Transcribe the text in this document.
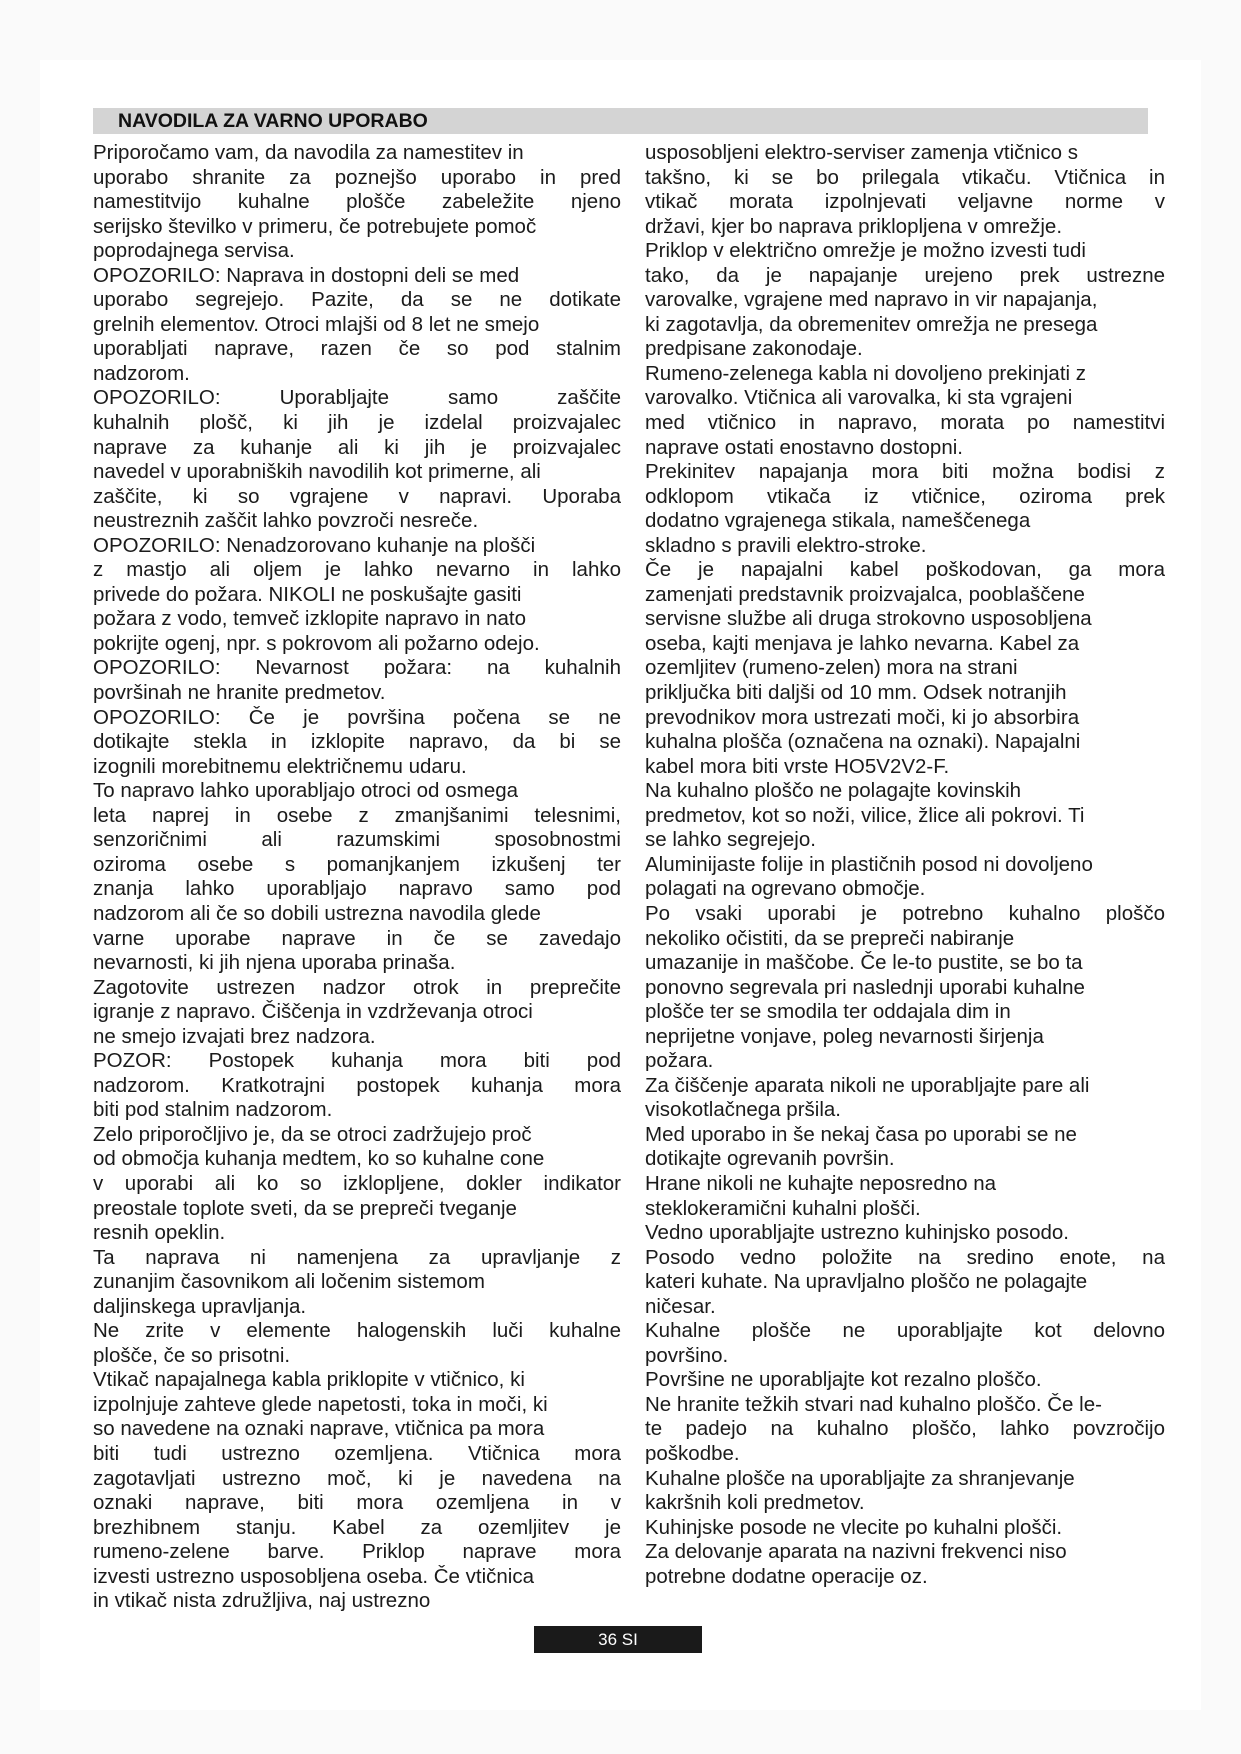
NAVODILA ZA VARNO UPORABO
Priporočamo vam, da navodila za namestitev in
uporabo shranite za poznejšo uporabo in pred
namestitvijo kuhalne plošče zabeležite njeno
serijsko številko v primeru, če potrebujete pomoč
poprodajnega servisa.
OPOZORILO: Naprava in dostopni deli se med
uporabo segrejejo. Pazite, da se ne dotikate
grelnih elementov. Otroci mlajši od 8 let ne smejo
uporabljati naprave, razen če so pod stalnim
nadzorom.
OPOZORILO: Uporabljajte samo zaščite
kuhalnih plošč, ki jih je izdelal proizvajalec
naprave za kuhanje ali ki jih je proizvajalec
navedel v uporabniških navodilih kot primerne, ali
zaščite, ki so vgrajene v napravi. Uporaba
neustreznih zaščit lahko povzroči nesreče.
OPOZORILO: Nenadzorovano kuhanje na plošči
z mastjo ali oljem je lahko nevarno in lahko
privede do požara. NIKOLI ne poskušajte gasiti
požara z vodo, temveč izklopite napravo in nato
pokrijte ogenj, npr. s pokrovom ali požarno odejo.
OPOZORILO: Nevarnost požara: na kuhalnih
površinah ne hranite predmetov.
OPOZORILO: Če je površina počena se ne
dotikajte stekla in izklopite napravo, da bi se
izognili morebitnemu električnemu udaru.
To napravo lahko uporabljajo otroci od osmega
leta naprej in osebe z zmanjšanimi telesnimi,
senzoričnimi ali razumskimi sposobnostmi
oziroma osebe s pomanjkanjem izkušenj ter
znanja lahko uporabljajo napravo samo pod
nadzorom ali če so dobili ustrezna navodila glede
varne uporabe naprave in če se zavedajo
nevarnosti, ki jih njena uporaba prinaša.
Zagotovite ustrezen nadzor otrok in preprečite
igranje z napravo. Čiščenja in vzdrževanja otroci
ne smejo izvajati brez nadzora.
POZOR: Postopek kuhanja mora biti pod
nadzorom. Kratkotrajni postopek kuhanja mora
biti pod stalnim nadzorom.
Zelo priporočljivo je, da se otroci zadržujejo proč
od območja kuhanja medtem, ko so kuhalne cone
v uporabi ali ko so izklopljene, dokler indikator
preostale toplote sveti, da se prepreči tveganje
resnih opeklin.
Ta naprava ni namenjena za upravljanje z
zunanjim časovnikom ali ločenim sistemom
daljinskega upravljanja.
Ne zrite v elemente halogenskih luči kuhalne
plošče, če so prisotni.
Vtikač napajalnega kabla priklopite v vtičnico, ki
izpolnjuje zahteve glede napetosti, toka in moči, ki
so navedene na oznaki naprave, vtičnica pa mora
biti tudi ustrezno ozemljena. Vtičnica mora
zagotavljati ustrezno moč, ki je navedena na
oznaki naprave, biti mora ozemljena in v
brezhibnem stanju. Kabel za ozemljitev je
rumeno-zelene barve. Priklop naprave mora
izvesti ustrezno usposobljena oseba. Če vtičnica
in vtikač nista združljiva, naj ustrezno
usposobljeni elektro-serviser zamenja vtičnico s
takšno, ki se bo prilegala vtikaču. Vtičnica in
vtikač morata izpolnjevati veljavne norme v
državi, kjer bo naprava priklopljena v omrežje.
Priklop v električno omrežje je možno izvesti tudi
tako, da je napajanje urejeno prek ustrezne
varovalke, vgrajene med napravo in vir napajanja,
ki zagotavlja, da obremenitev omrežja ne presega
predpisane zakonodaje.
Rumeno-zelenega kabla ni dovoljeno prekinjati z
varovalko. Vtičnica ali varovalka, ki sta vgrajeni
med vtičnico in napravo, morata po namestitvi
naprave ostati enostavno dostopni.
Prekinitev napajanja mora biti možna bodisi z
odklopom vtikača iz vtičnice, oziroma prek
dodatno vgrajenega stikala, nameščenega
skladno s pravili elektro-stroke.
Če je napajalni kabel poškodovan, ga mora
zamenjati predstavnik proizvajalca, pooblaščene
servisne službe ali druga strokovno usposobljena
oseba, kajti menjava je lahko nevarna. Kabel za
ozemljitev (rumeno-zelen) mora na strani
priključka biti daljši od 10 mm. Odsek notranjih
prevodnikov mora ustrezati moči, ki jo absorbira
kuhalna plošča (označena na oznaki). Napajalni
kabel mora biti vrste HO5V2V2-F.
Na kuhalno ploščo ne polagajte kovinskih
predmetov, kot so noži, vilice, žlice ali pokrovi. Ti
se lahko segrejejo.
Aluminijaste folije in plastičnih posod ni dovoljeno
polagati na ogrevano območje.
Po vsaki uporabi je potrebno kuhalno ploščo
nekoliko očistiti, da se prepreči nabiranje
umazanije in maščobe. Če le-to pustite, se bo ta
ponovno segrevala pri naslednji uporabi kuhalne
plošče ter se smodila ter oddajala dim in
neprijetne vonjave, poleg nevarnosti širjenja
požara.
Za čiščenje aparata nikoli ne uporabljajte pare ali
visokotlačnega pršila.
Med uporabo in še nekaj časa po uporabi se ne
dotikajte ogrevanih površin.
Hrane nikoli ne kuhajte neposredno na
steklokeramični kuhalni plošči.
Vedno uporabljajte ustrezno kuhinjsko posodo.
Posodo vedno položite na sredino enote, na
kateri kuhate. Na upravljalno ploščo ne polagajte
ničesar.
Kuhalne plošče ne uporabljajte kot delovno
površino.
Površine ne uporabljajte kot rezalno ploščo.
Ne hranite težkih stvari nad kuhalno ploščo. Če le-
te padejo na kuhalno ploščo, lahko povzročijo
poškodbe.
Kuhalne plošče na uporabljajte za shranjevanje
kakršnih koli predmetov.
Kuhinjske posode ne vlecite po kuhalni plošči.
Za delovanje aparata na nazivni frekvenci niso
potrebne dodatne operacije oz.
36 SI
